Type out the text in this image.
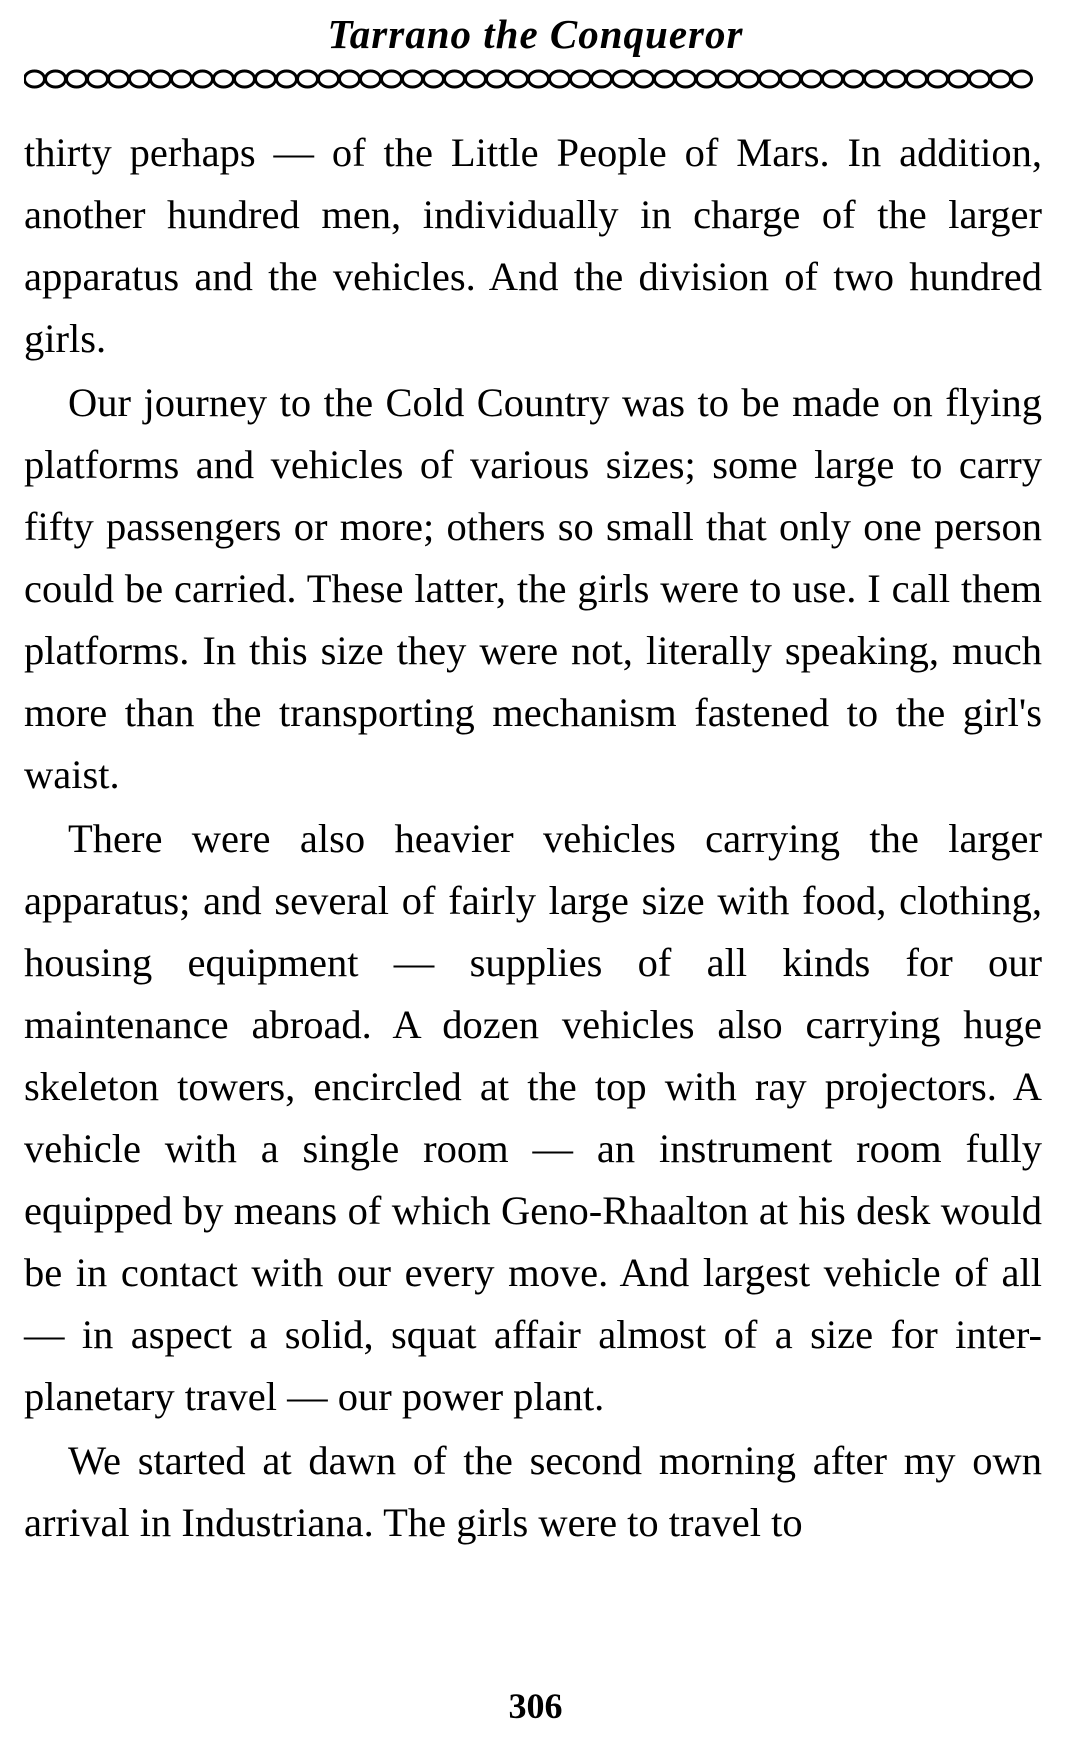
Tarrano the Conqueror

thirty perhaps — of the Little People of Mars. In addition, another hundred men, individually in charge of the larger apparatus and the vehicles. And the division of two hundred girls.

Our journey to the Cold Country was to be made on flying platforms and vehicles of various sizes; some large to carry fifty passengers or more; others so small that only one person could be carried. These latter, the girls were to use. I call them platforms. In this size they were not, literally speaking, much more than the transporting mechanism fastened to the girl's waist.

There were also heavier vehicles carrying the larger apparatus; and several of fairly large size with food, clothing, housing equipment — supplies of all kinds for our maintenance abroad. A dozen vehicles also carrying huge skeleton towers, encircled at the top with ray projectors. A vehicle with a single room — an instrument room fully equipped by means of which Geno-Rhaalton at his desk would be in contact with our every move. And largest vehicle of all — in aspect a solid, squat affair almost of a size for inter-planetary travel — our power plant.

We started at dawn of the second morning after my own arrival in Industriana. The girls were to travel to

306
